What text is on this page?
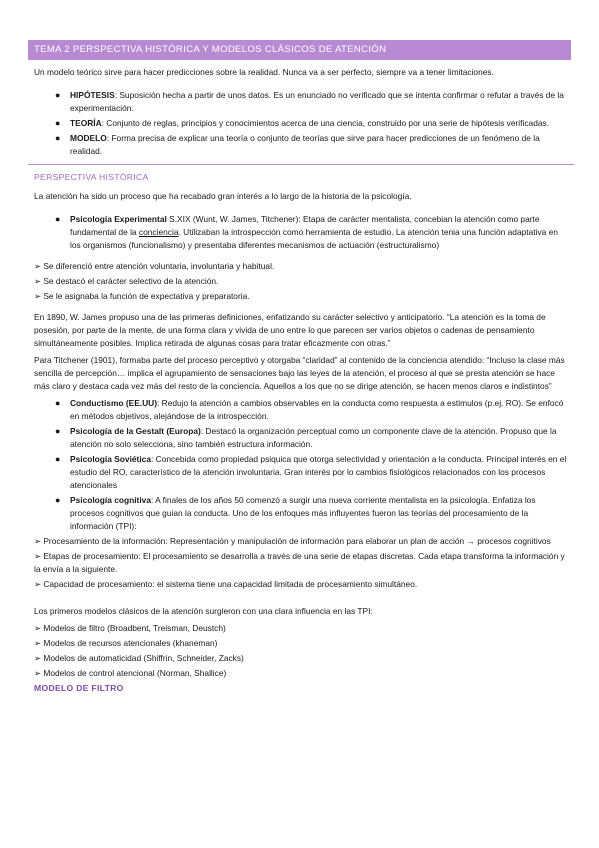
TEMA 2 PERSPECTIVA HISTÓRICA Y MODELOS CLÁSICOS DE ATENCIÓN

Un modelo teórico sirve para hacer predicciones sobre la realidad. Nunca va a ser perfecto, siempre va a tener limitaciones.

● HIPÓTESIS: Suposición hecha a partir de unos datos. Es un enunciado no verificado que se intenta confirmar o refutar a través de la experimentación.
● TEORÍA: Conjunto de reglas, principios y conocimientos acerca de una ciencia, construido por una serie de hipótesis verificadas.
● MODELO: Forma precisa de explicar una teoría o conjunto de teorías que sirve para hacer predicciones de un fenómeno de la realidad.
PERSPECTIVA HISTÓRICA

La atención ha sido un proceso que ha recabado gran interés a lo largo de la historia de la psicología.

● Psicología Experimental S.XIX (Wunt, W. James, Titchener): Etapa de carácter mentalista, concebian la atención como parte fundamental de la conciencia. Utilizaban la introspección como herramienta de estudio. La atención tenia una función adaptativa en los organismos (funcionalismo) y presentaba diferentes mecanismos de actuación (estructuralismo)
➢ Se diferenció entre atención voluntaria, involuntaria y habitual.
➢ Se destacó el carácter selectivo de la atención.
➢ Se le asignaba la función de expectativa y preparatoria.

En 1890, W. James propuso una de las primeras definiciones, enfatizando su carácter selectivo y anticipatorio. “La atención es la toma de posesión, por parte de la mente, de una forma clara y vivida de uno entre lo que parecen ser varios objetos o cadenas de pensamiento simultáneamente posibles. Implica retirada de algunas cosas para tratar eficazmente con otras.”

Para Titchener (1901), formaba parte del proceso perceptivo y otorgaba “claridad” al contenido de la conciencia atendido: “Incluso la clase más sencilla de percepción… implica el agrupamiento de sensaciones bajo las leyes de la atención, el proceso al que se presta atención se hace más claro y destaca cada vez más del resto de la conciencia. Aquellos a los que no se dirige atención, se hacen menos claros e indistintos”

● Conductismo (EE.UU): Redujo la atención a cambios observables en la conducta como respuesta a estimulos (p.ej. RO). Se enfocó en métodos objetivos, alejándose de la introspección.
● Psicología de la Gestalt (Europa): Destacó la organización perceptual como un componente clave de la atención. Propuso que la atención no solo selecciona, sino también estructura información.
● Psicología Soviética: Concebida como propiedad psiquica que otorga selectividad y orientación a la conducta. Principal interés en el estudio del RO, característico de la atención involuntaria. Gran interés por lo cambios fisiológicos relacionados con los procesos atencionales
● Psicología cognitiva: A finales de los años 50 comenzó a surgir una nueva corriente mentalista en la psicología. Enfatiza los procesos cognitivos que guian la conducta. Uno de los enfoques más influyentes fueron las teorías del procesamiento de la información (TPI):
➢ Procesamiento de la información: Representación y manipulación de información para elaborar un plan de acción → procesos cognitivos
➢ Etapas de procesamiento: El procesamiento se desarrolla a través de una serie de etapas discretas. Cada etapa transforma la información y la envía a la siguiente.
➢ Capacidad de procesamiento: el sistema tiene una capacidad limitada de procesamiento simultáneo.

Los primeros modelos clásicos de la atención surgieron con una clara influencia en las TPI:

➢ Modelos de filtro (Broadbent, Treisman, Deustch)
➢ Modelos de recursos atencionales (khaneman)
➢ Modelos de automaticidad (Shiffrin, Schneider, Zacks)
➢ Modelos de control atencional (Norman, Shallice)
MODELO DE FILTRO
